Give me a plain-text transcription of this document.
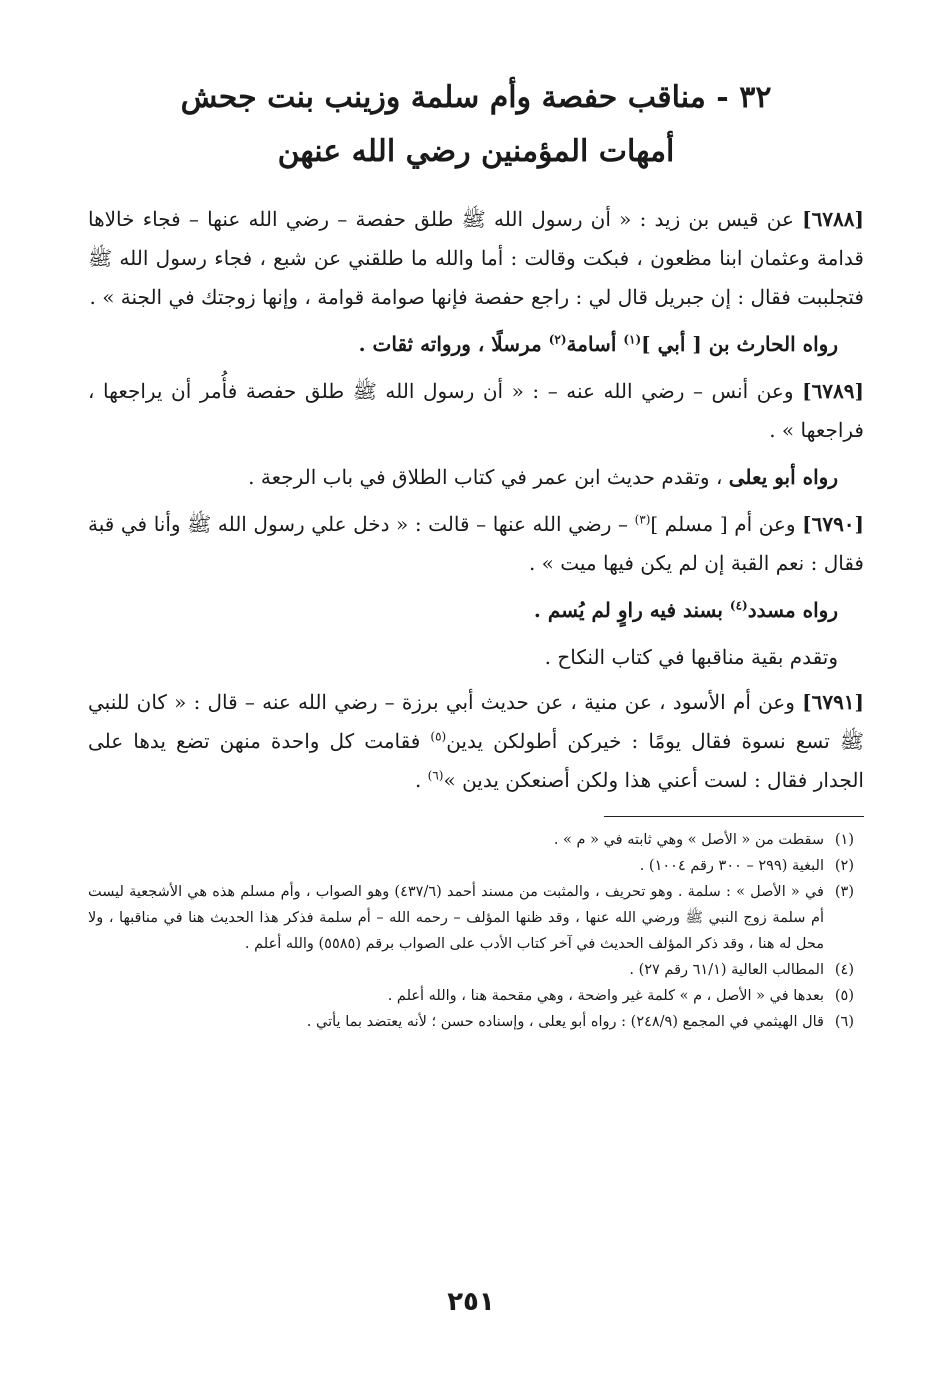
٣٢ - مناقب حفصة وأم سلمة وزينب بنت جحش
أمهات المؤمنين رضي الله عنهن

[٦٧٨٨] عن قيس بن زيد : « أن رسول الله ﷺ طلق حفصة – رضي الله عنها – فجاء خالاها قدامة وعثمان ابنا مظعون ، فبكت وقالت : أما والله ما طلقني عن شبع ، فجاء رسول الله ﷺ فتجلببت فقال : إن جبريل قال لي : راجع حفصة فإنها صوامة قوامة ، وإنها زوجتك في الجنة » .

رواه الحارث بن [ أبي ]$^{(١)}$ أسامة$^{(٢)}$ مرسلًا ، ورواته ثقات .

[٦٧٨٩] وعن أنس – رضي الله عنه – : « أن رسول الله ﷺ طلق حفصة فأُمر أن يراجعها ، فراجعها » .

رواه أبو يعلى ، وتقدم حديث ابن عمر في كتاب الطلاق في باب الرجعة .

[٦٧٩٠] وعن أم [ مسلم ]$^{(٣)}$ – رضي الله عنها – قالت : « دخل علي رسول الله ﷺ وأنا في قبة فقال : نعم القبة إن لم يكن فيها ميت » .

رواه مسدد$^{(٤)}$ بسند فيه راوٍ لم يُسم .

وتقدم بقية مناقبها في كتاب النكاح .

[٦٧٩١] وعن أم الأسود ، عن منية ، عن حديث أبي برزة – رضي الله عنه – قال : « كان للنبي ﷺ تسع نسوة فقال يومًا : خيركن أطولكن يدين$^{(٥)}$ فقامت كل واحدة منهن تضع يدها على الجدار فقال : لست أعني هذا ولكن أصنعكن يدين »$^{(٦)}$ .

(١)
سقطت من « الأصل » وهي ثابته في « م » .
(٢)
البغية (٢٩٩ – ٣٠٠ رقم ١٠٠٤) .
(٣)
في « الأصل » : سلمة . وهو تحريف ، والمثبت من مسند أحمد (٤٣٧/٦) وهو الصواب ، وأم مسلم هذه هي الأشجعية ليست أم سلمة زوج النبي ﷺ ورضي الله عنها ، وقد ظنها المؤلف – رحمه الله – أم سلمة فذكر هذا الحديث هنا في مناقبها ، ولا محل له هنا ، وقد ذكر المؤلف الحديث في آخر كتاب الأدب على الصواب برقم (٥٥٨٥) والله أعلم .
(٤)
المطالب العالية (٦١/١ رقم ٢٧) .
(٥)
بعدها في « الأصل ، م » كلمة غير واضحة ، وهي مقحمة هنا ، والله أعلم .
(٦)
قال الهيثمي في المجمع (٢٤٨/٩) : رواه أبو يعلى ، وإسناده حسن ؛ لأنه يعتضد بما يأتي .
٢٥١
